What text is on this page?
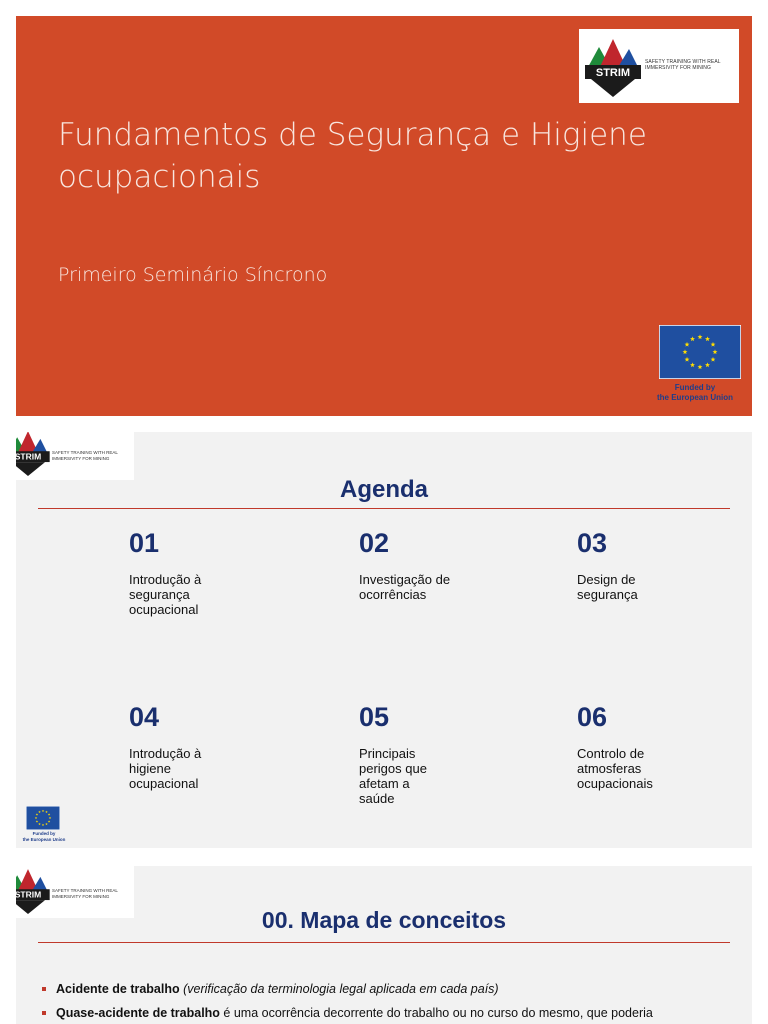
STRIM
SAFETY TRAINING WITH REAL IMMERSIVITY FOR MINING
Fundamentos de Segurança e Higiene
ocupacionais
Primeiro Seminário Síncrono
Funded by
the European Union
STRIM SAFETY TRAINING WITH REAL IMMERSIVITY FOR MINING
Agenda
01
Introdução à
segurança
ocupacional
02
Investigação de
ocorrências
03
Design de
segurança
04
Introdução à
higiene
ocupacional
05
Principais
perigos que
afetam a
saúde
06
Controlo de
atmosferas
ocupacionais
Funded by
the European Union
STRIM SAFETY TRAINING WITH REAL IMMERSIVITY FOR MINING
00. Mapa de conceitos
Acidente de trabalho (verificação da terminologia legal aplicada em cada país)
Quase-acidente de trabalho é uma ocorrência decorrente do trabalho ou no curso do mesmo, que poderia
